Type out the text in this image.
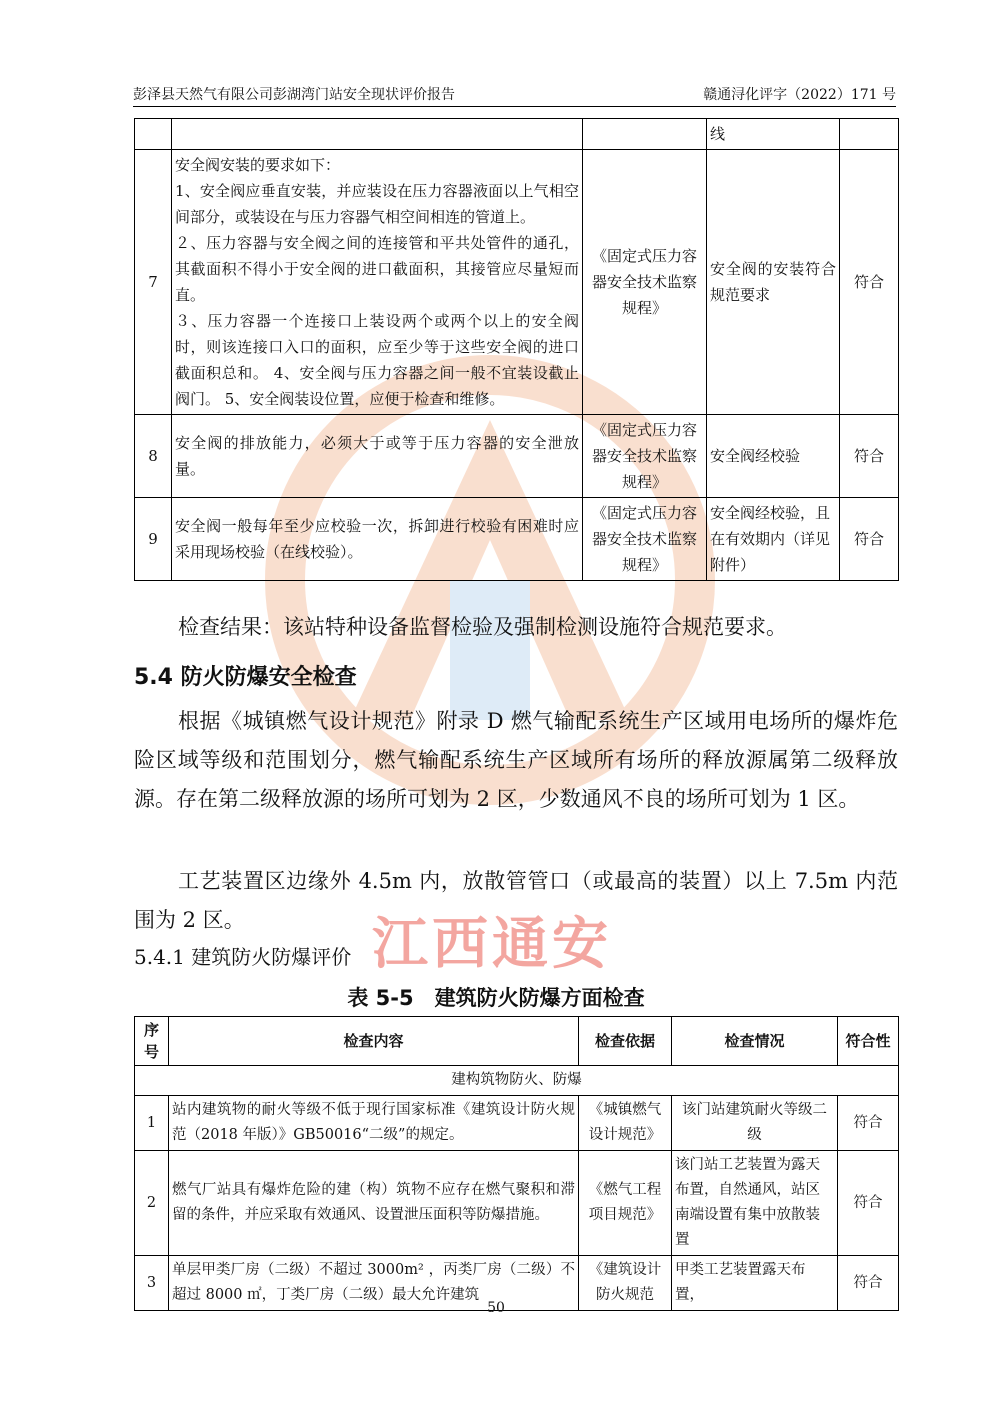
江西通安
彭泽县天然气有限公司彭湖湾门站安全现状评价报告	赣通浔化评字（2022）171 号
			线	
7	安全阀安装的要求如下：
1、安全阀应垂直安装，并应装设在压力容器液面以上气相空间部分，或装设在与压力容器气相空间相连的管道上。
２、压力容器与安全阀之间的连接管和平共处管件的通孔，其截面积不得小于安全阀的进口截面积，其接管应尽量短而直。
３、压力容器一个连接口上装设两个或两个以上的安全阀时，则该连接口入口的面积，应至少等于这些安全阀的进口截面积总和。 4、安全阀与压力容器之间一般不宜装设截止阀门。 5、安全阀装设位置，应便于检查和维修。	《固定式压力容器安全技术监察规程》	安全阀的安装符合规范要求	符合
8	安全阀的排放能力，必须大于或等于压力容器的安全泄放量。	《固定式压力容器安全技术监察规程》	安全阀经校验	符合
9	安全阀一般每年至少应校验一次，拆卸进行校验有困难时应采用现场校验（在线校验）。	《固定式压力容器安全技术监察规程》	安全阀经校验，且在有效期内（详见附件）	符合
检查结果：该站特种设备监督检验及强制检测设施符合规范要求。
5.4 防火防爆安全检查
根据《城镇燃气设计规范》附录 D 燃气输配系统生产区域用电场所的爆炸危险区域等级和范围划分，燃气输配系统生产区域所有场所的释放源属第二级释放源。存在第二级释放源的场所可划为 2 区，少数通风不良的场所可划为 1 区。
工艺装置区边缘外 4.5m 内，放散管管口（或最高的装置）以上 7.5m 内范围为 2 区。
5.4.1 建筑防火防爆评价
表 5-5　建筑防火防爆方面检查
序号	检查内容	检查依据	检查情况	符合性
建构筑物防火、防爆				
1	站内建筑物的耐火等级不低于现行国家标准《建筑设计防火规范（2018 年版）》GB50016“二级”的规定。	《城镇燃气设计规范》	该门站建筑耐火等级二级	符合
2	燃气厂站具有爆炸危险的建（构）筑物不应存在燃气聚积和滞留的条件，并应采取有效通风、设置泄压面积等防爆措施。	《燃气工程项目规范》	该门站工艺装置为露天布置，自然通风，站区南端设置有集中放散装置	符合
3	单层甲类厂房（二级）不超过 3000m² ，丙类厂房（二级）不超过 8000 ㎡，丁类厂房（二级）最大允许建筑	《建筑设计防火规范	甲类工艺装置露天布置，	符合
50
